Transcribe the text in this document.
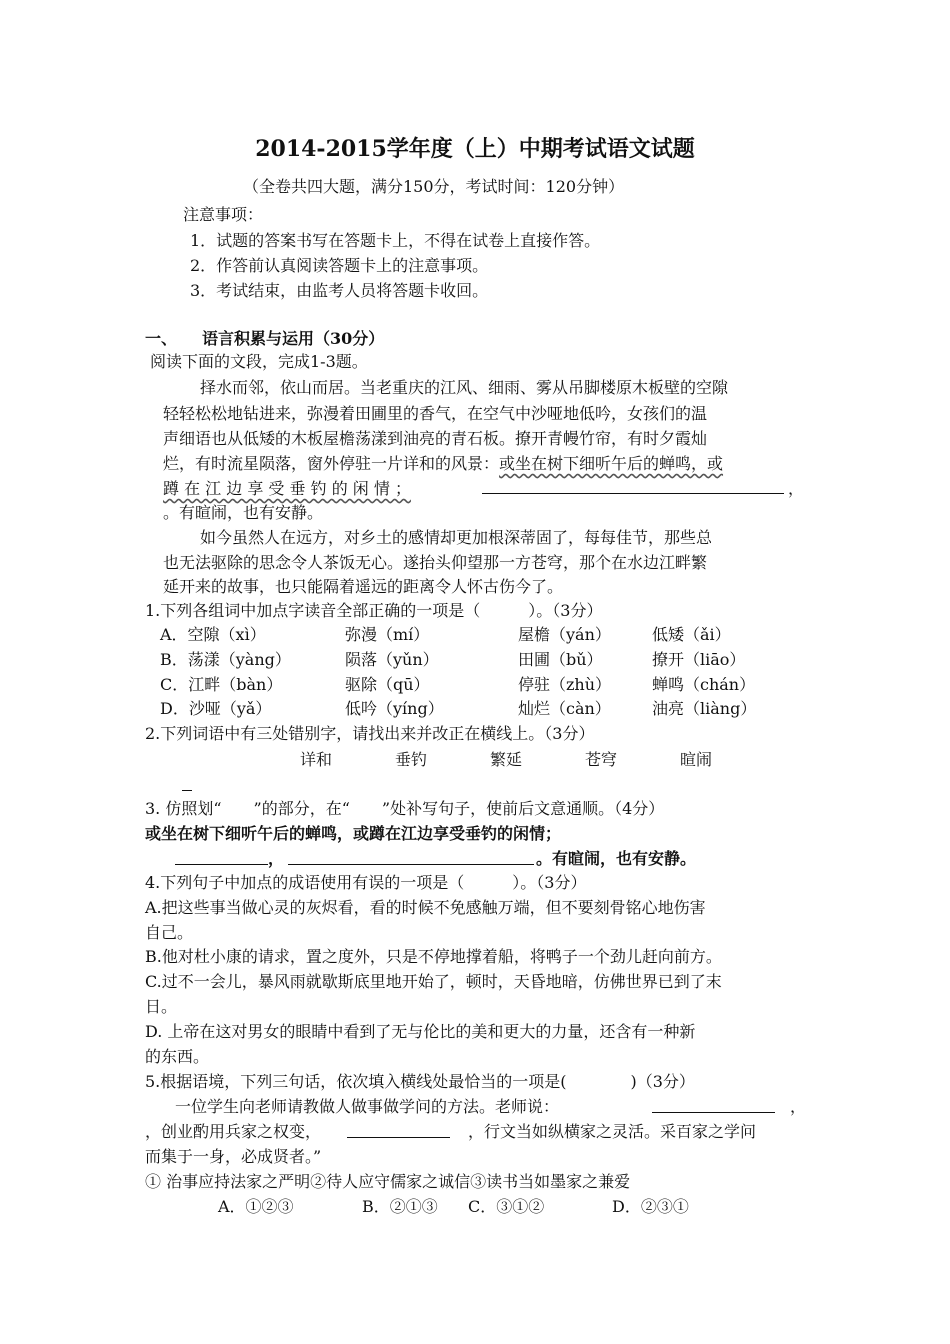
2014-2015学年度（上）中期考试语文试题
（全卷共四大题，满分150分，考试时间：120分钟）
注意事项：
1．试题的答案书写在答题卡上，不得在试卷上直接作答。
2．作答前认真阅读答题卡上的注意事项。
3．考试结束，由监考人员将答题卡收回。
一、 语言积累与运用（30分）
阅读下面的文段，完成1-3题。
择水而邻，依山而居。当老重庆的江风、细雨、雾从吊脚楼原木板壁的空隙
轻轻松松地钻进来，弥漫着田圃里的香气，在空气中沙哑地低吟，女孩们的温
声细语也从低矮的木板屋檐荡漾到油亮的青石板。撩开青幔竹帘，有时夕霞灿
烂，有时流星陨落，窗外停驻一片详和的风景：或坐在树下细听午后的蝉鸣，或
蹲 在 江 边 享 受 垂 钓 的 闲 情 ；	，
。有暄闹，也有安静。
如今虽然人在远方，对乡土的感情却更加根深蒂固了，每每佳节，那些总
也无法驱除的思念令人茶饭无心。遂抬头仰望那一方苍穹，那个在水边江畔繁
延开来的故事，也只能隔着遥远的距离令人怀古伤今了。
1.下列各组词中加点字读音全部正确的一项是（　　　）。（3分）
A．空隙（xì）	弥漫（mí）	屋檐（yán）	低矮（ǎi）
B．荡漾（yàng）	陨落（yǔn）	田圃（bǔ）	撩开（liāo）
C．江畔（bàn）	驱除（qū）	停驻（zhù）	蝉鸣（chán）
D．沙哑（yǎ）	低吟（yíng）	灿烂（càn）	油亮（liàng）
2.下列词语中有三处错别字，请找出来并改正在横线上。（3分）
详和	垂钓	繁延	苍穹	暄闹
3. 仿照划“　　”的部分，在“　　”处补写句子，使前后文意通顺。（4分）
或坐在树下细听午后的蝉鸣，或蹲在江边享受垂钓的闲情；
，	。有暄闹，也有安静。
4.下列句子中加点的成语使用有误的一项是（　　　）。（3分）
A.把这些事当做心灵的灰烬看，看的时候不免感触万端，但不要刻骨铭心地伤害
自己。
B.他对杜小康的请求，置之度外，只是不停地撑着船，将鸭子一个劲儿赶向前方。
C.过不一会儿，暴风雨就歇斯底里地开始了，顿时，天昏地暗，仿佛世界已到了末
日。
D. 上帝在这对男女的眼睛中看到了无与伦比的美和更大的力量，还含有一种新
的东西。
5.根据语境，下列三句话，依次填入横线处最恰当的一项是(　　　　)（3分）
一位学生向老师请教做人做事做学问的方法。老师说：	，
，创业酌用兵家之权变，	，行文当如纵横家之灵活。采百家之学问
而集于一身，必成贤者。”
① 治事应持法家之严明②待人应守儒家之诚信③读书当如墨家之兼爱
A．①②③	B．②①③ C．③①②	D．②③①
